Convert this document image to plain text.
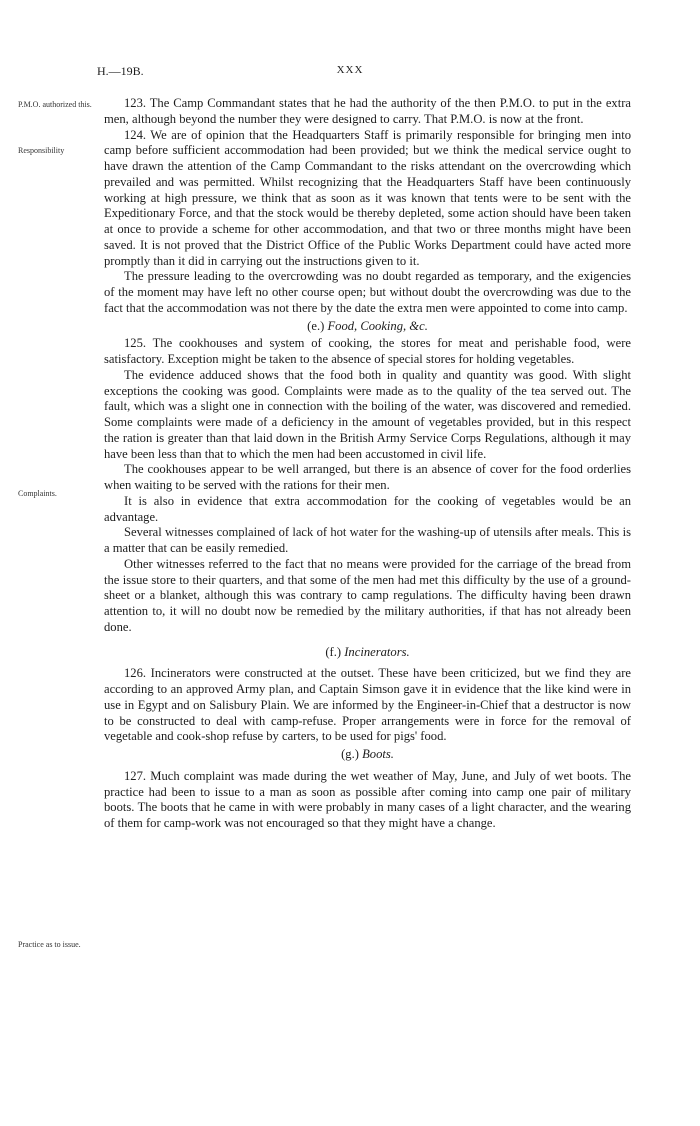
H.—19B.	XXX
P.M.O. authorized this.
Responsibility
Complaints.
Practice as to issue.

123. The Camp Commandant states that he had the authority of the then P.M.O. to put in the extra men, although beyond the number they were designed to carry. That P.M.O. is now at the front.

124. We are of opinion that the Headquarters Staff is primarily responsible for bringing men into camp before sufficient accommodation had been provided; but we think the medical service ought to have drawn the attention of the Camp Commandant to the risks attendant on the overcrowding which prevailed and was permitted. Whilst recognizing that the Headquarters Staff have been continuously working at high pressure, we think that as soon as it was known that tents were to be sent with the Expeditionary Force, and that the stock would be thereby depleted, some action should have been taken at once to provide a scheme for other accommodation, and that two or three months might have been saved. It is not proved that the District Office of the Public Works Department could have acted more promptly than it did in carrying out the instructions given to it.

The pressure leading to the overcrowding was no doubt regarded as temporary, and the exigencies of the moment may have left no other course open; but without doubt the overcrowding was due to the fact that the accommodation was not there by the date the extra men were appointed to come into camp.

(e.) Food, Cooking, &c.

125. The cookhouses and system of cooking, the stores for meat and perishable food, were satisfactory. Exception might be taken to the absence of special stores for holding vegetables.

The evidence adduced shows that the food both in quality and quantity was good. With slight exceptions the cooking was good. Complaints were made as to the quality of the tea served out. The fault, which was a slight one in connection with the boiling of the water, was discovered and remedied. Some complaints were made of a deficiency in the amount of vegetables provided, but in this respect the ration is greater than that laid down in the British Army Service Corps Regulations, although it may have been less than that to which the men had been accustomed in civil life.

The cookhouses appear to be well arranged, but there is an absence of cover for the food orderlies when waiting to be served with the rations for their men.

It is also in evidence that extra accommodation for the cooking of vegetables would be an advantage.

Several witnesses complained of lack of hot water for the washing-up of utensils after meals. This is a matter that can be easily remedied.

Other witnesses referred to the fact that no means were provided for the carriage of the bread from the issue store to their quarters, and that some of the men had met this difficulty by the use of a ground-sheet or a blanket, although this was contrary to camp regulations. The difficulty having been drawn attention to, it will no doubt now be remedied by the military authorities, if that has not already been done.

(f.) Incinerators.

126. Incinerators were constructed at the outset. These have been criticized, but we find they are according to an approved Army plan, and Captain Simson gave it in evidence that the like kind were in use in Egypt and on Salisbury Plain. We are informed by the Engineer-in-Chief that a destructor is now to be constructed to deal with camp-refuse. Proper arrangements were in force for the removal of vegetable and cook-shop refuse by carters, to be used for pigs' food.

(g.) Boots.

127. Much complaint was made during the wet weather of May, June, and July of wet boots. The practice had been to issue to a man as soon as possible after coming into camp one pair of military boots. The boots that he came in with were probably in many cases of a light character, and the wearing of them for camp-work was not encouraged so that they might have a change.
